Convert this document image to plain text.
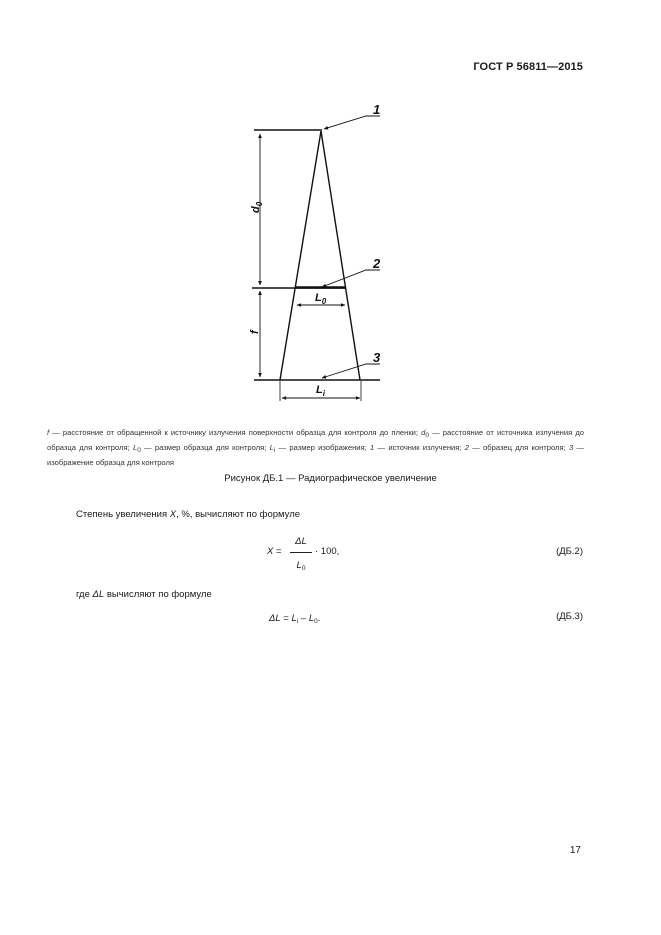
ГОСТ Р 56811—2015
$d_0$
f
$L_0$
$L_i$
1
2
3
f — расстояние от обращенной к источнику излучения поверхности образца для контроля до пленки; $d_0$ — расстояние от источника излучения до образца для контроля; $L_0$ — размер образца для контроля; $L_i$ — размер изображения; 1 — источник излучения; 2 — образец для контроля; 3 — изображение образца для контроля
Рисунок ДБ.1 — Радиографическое увеличение
Степень увеличения X, %, вычисляют по формуле
X =
ΔL
$L_0$
· 100,	(ДБ.2)
где ΔL вычисляют по формуле
$\Delta L = L_i - L_0$.	(ДБ.3)
17
